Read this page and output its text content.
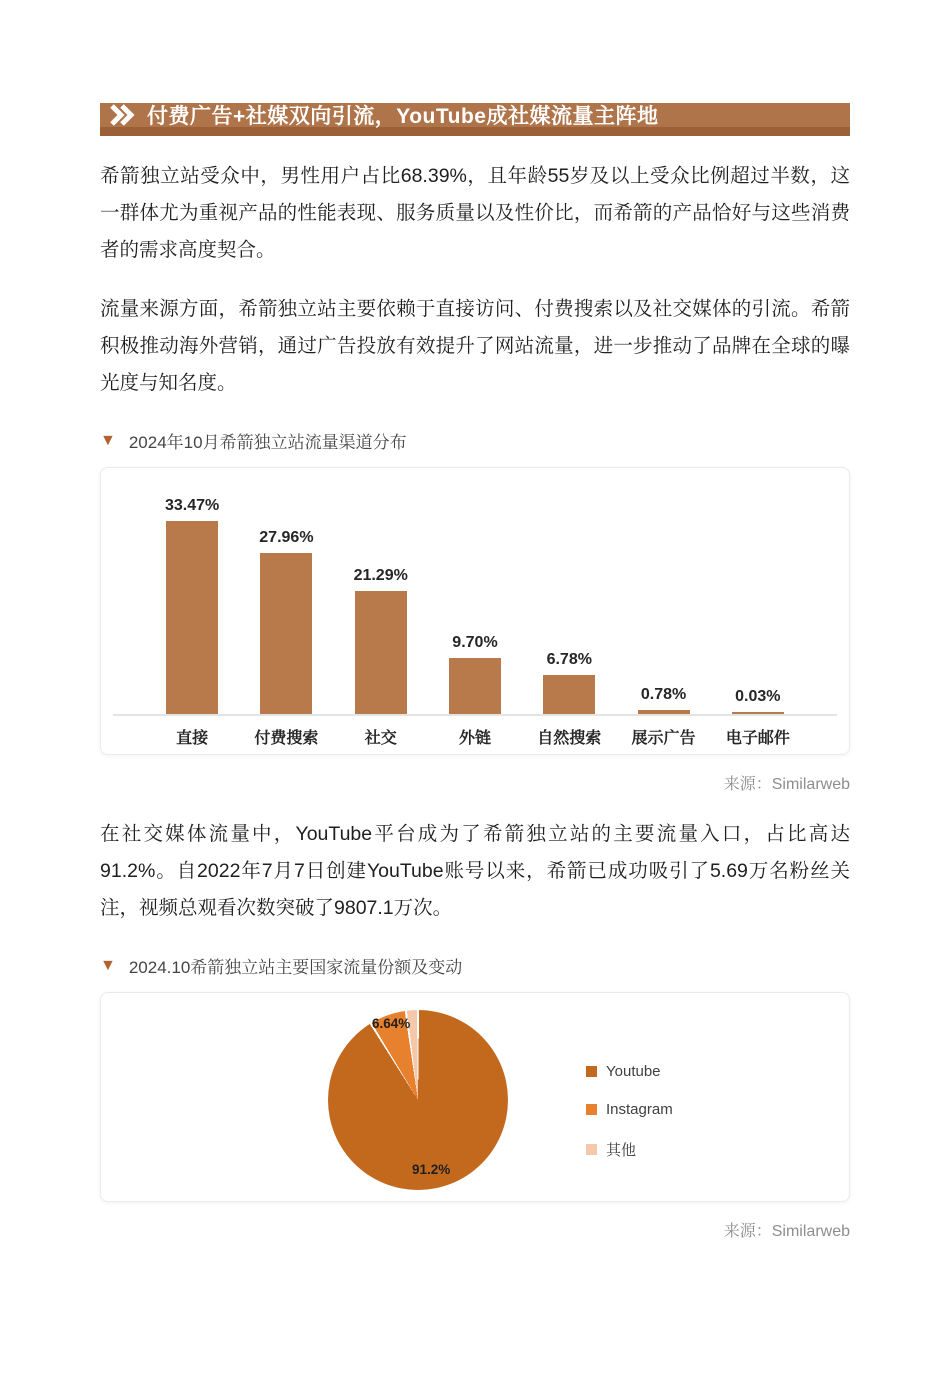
付费广告+社媒双向引流，YouTube成社媒流量主阵地

希箭独立站受众中，男性用户占比68.39%，且年龄55岁及以上受众比例超过半数，这一群体尤为重视产品的性能表现、服务质量以及性价比，而希箭的产品恰好与这些消费者的需求高度契合。

流量来源方面，希箭独立站主要依赖于直接访问、付费搜索以及社交媒体的引流。希箭积极推动海外营销，通过广告投放有效提升了网站流量，进一步推动了品牌在全球的曝光度与知名度。

▼ 2024年10月希箭独立站流量渠道分布
33.47%
27.96%
21.29%
9.70%
6.78%
0.78%	0.03%
直接	付费搜索	社交	外链	自然搜索	展示广告	电子邮件
来源：Similarweb

在社交媒体流量中，YouTube平台成为了希箭独立站的主要流量入口，占比高达91.2%。自2022年7月7日创建YouTube账号以来，希箭已成功吸引了5.69万名粉丝关注，视频总观看次数突破了9807.1万次。

▼ 2024.10希箭独立站主要国家流量份额及变动
6.64%
91.2%
Youtube
Instagram
其他
来源：Similarweb
